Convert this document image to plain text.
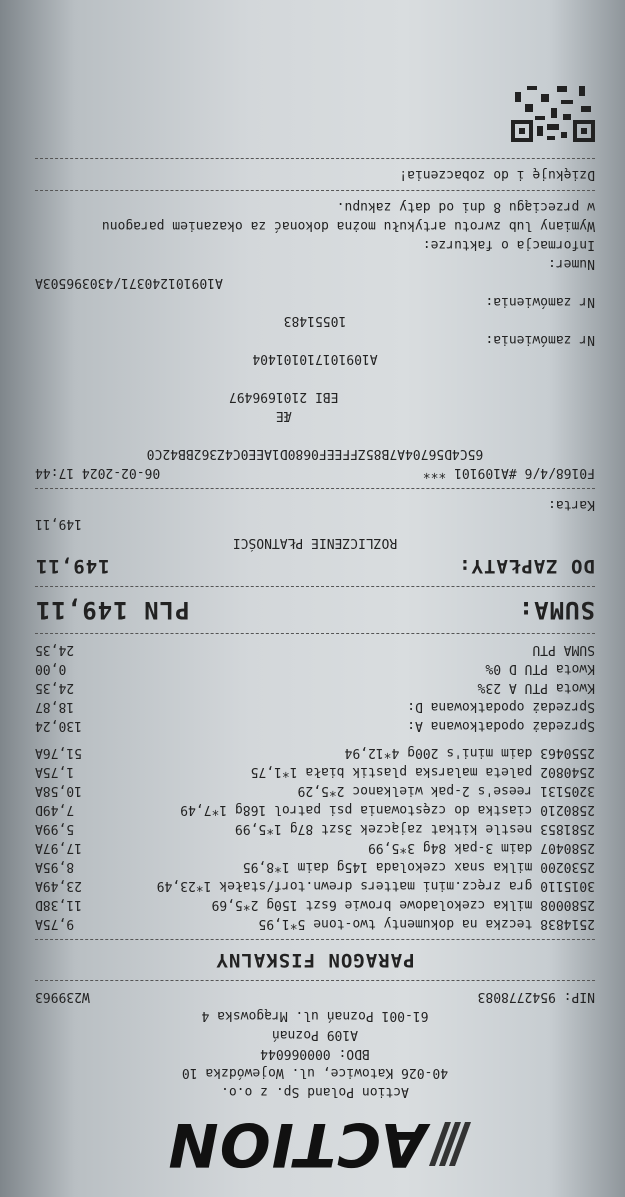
ACTION
Action Poland Sp. z o.o.
40-026 Katowice, ul. Wojewódzka 10
BDO: 000066044
A109 Poznań
61-001 Poznań ul. Mrągowska 4
NIP: 9542778083
W239963
PARAGON FISKALNY
2514838 teczka na dokumenty two-tone 5*1,95
9,75A
2580008 milka czekoladowe browie 6szt 150g 2*5,69
11,38D
3015110 gra zręcz.mini matters drewn.torf/stałek 1*23,49
23,49A
2530200 milka snax czekolada 145g daim 1*8,95
8,95A
2580407 daim 3-pak 84g 3*5,99
17,97A
2581853 nestle kitkat zajączek 3szt 87g 1*5,99
5,99A
2580210 ciastka do częstowania psi patrol 168g 1*7,49
7,49D
3205131 reese's 2-pak wielkanoc 2*5,29
10,58A
2540802 paleta malarska plastik biała 1*1,75
1,75A
2550463 daim mini's 200g 4*12,94
51,76A
Sprzedaż opodatkowana A:
130,24
Sprzedaż opodatkowana D:
18,87
Kwota PTU A 23%
24,35
Kwota PTU D 0%
0,00
SUMA PTU
24,35
SUMA:
PLN 149,11
DO ZAPŁATY:
149,11
ROZLICZENIE PŁATNOŚCI
149,11
Karta:
F0168/4/6 #A109101 ***
06-02-2024 17:44
65C4D56704A7B85ZFFEEF0680D1AEE0C4Z362BB42C0

ÆE
EBI 2101696497

A109101710101404
Nr zamówienia:
10551483
Nr zamówienia:
A109101240371/430396503A
Numer:
Informacja o fakturze:
Wymiany lub zwrotu artykułu można dokonać za okazaniem paragonu
w przeciągu 8 dni od daty zakupu.
Dziękuję i do zobaczenia!
